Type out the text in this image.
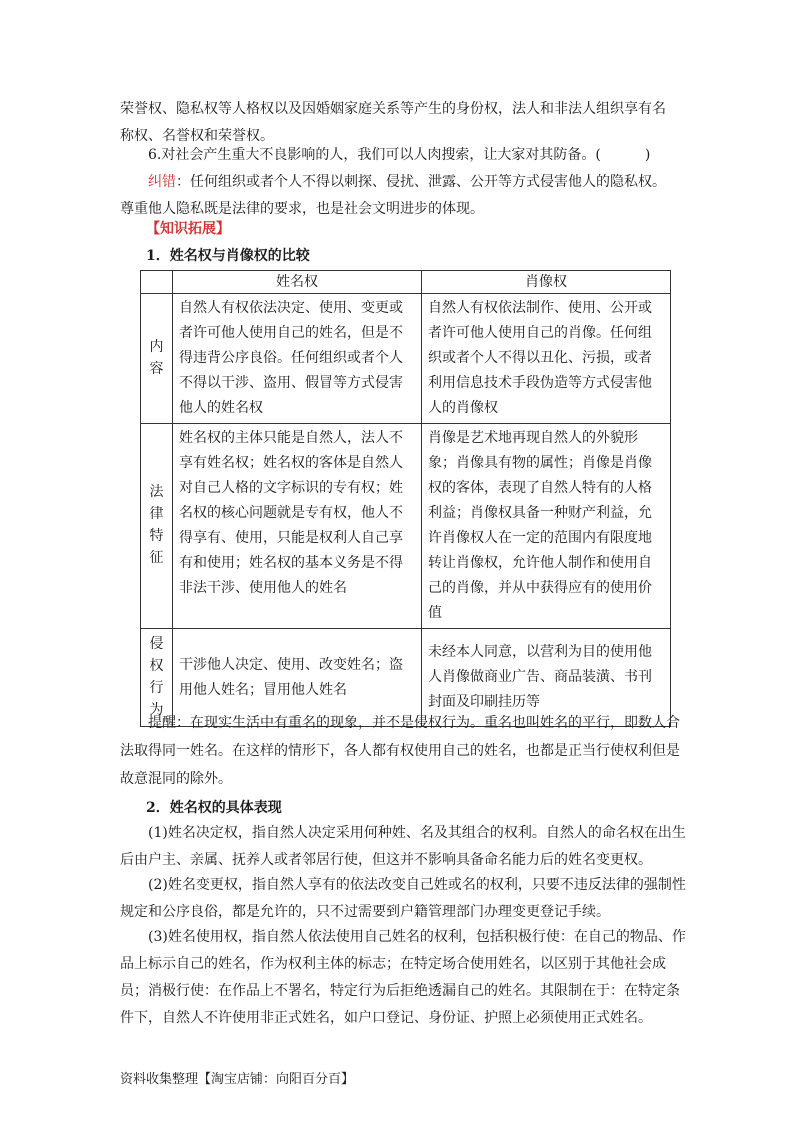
荣誉权、隐私权等人格权以及因婚姻家庭关系等产生的身份权，法人和非法人组织享有名

称权、名誉权和荣誉权。

6.对社会产生重大不良影响的人，我们可以人肉搜索，让大家对其防备。(	)

纠错：任何组织或者个人不得以刺探、侵扰、泄露、公开等方式侵害他人的隐私权。

尊重他人隐私既是法律的要求，也是社会文明进步的体现。

【知识拓展】

1．姓名权与肖像权的比较

	姓名权	肖像权
内容	自然人有权依法决定、使用、变更或者许可他人使用自己的姓名，但是不得违背公序良俗。任何组织或者个人不得以干涉、盗用、假冒等方式侵害他人的姓名权	自然人有权依法制作、使用、公开或者许可他人使用自己的肖像。任何组织或者个人不得以丑化、污损，或者利用信息技术手段伪造等方式侵害他人的肖像权
法律特征	姓名权的主体只能是自然人，法人不享有姓名权；姓名权的客体是自然人对自己人格的文字标识的专有权；姓名权的核心问题就是专有权，他人不得享有、使用，只能是权利人自己享有和使用；姓名权的基本义务是不得非法干涉、使用他人的姓名	肖像是艺术地再现自然人的外貌形象；肖像具有物的属性；肖像是肖像权的客体，表现了自然人特有的人格利益；肖像权具备一种财产利益，允许肖像权人在一定的范围内有限度地转让肖像权，允许他人制作和使用自己的肖像，并从中获得应有的使用价值
侵权行为	干涉他人决定、使用、改变姓名；盗用他人姓名；冒用他人姓名	未经本人同意，以营利为目的使用他人肖像做商业广告、商品装潢、书刊封面及印刷挂历等

提醒：在现实生活中有重名的现象，并不是侵权行为。重名也叫姓名的平行，即数人合法取得同一姓名。在这样的情形下，各人都有权使用自己的姓名，也都是正当行使权利但是故意混同的除外。

2．姓名权的具体表现

(1)姓名决定权，指自然人决定采用何种姓、名及其组合的权利。自然人的命名权在出生后由户主、亲属、抚养人或者邻居行使，但这并不影响具备命名能力后的姓名变更权。

(2)姓名变更权，指自然人享有的依法改变自己姓或名的权利，只要不违反法律的强制性规定和公序良俗，都是允许的，只不过需要到户籍管理部门办理变更登记手续。

(3)姓名使用权，指自然人依法使用自己姓名的权利，包括积极行使：在自己的物品、作品上标示自己的姓名，作为权利主体的标志；在特定场合使用姓名，以区别于其他社会成员；消极行使：在作品上不署名，特定行为后拒绝透漏自己的姓名。其限制在于：在特定条件下，自然人不许使用非正式姓名，如户口登记、身份证、护照上必须使用正式姓名。

资料收集整理【淘宝店铺：向阳百分百】
